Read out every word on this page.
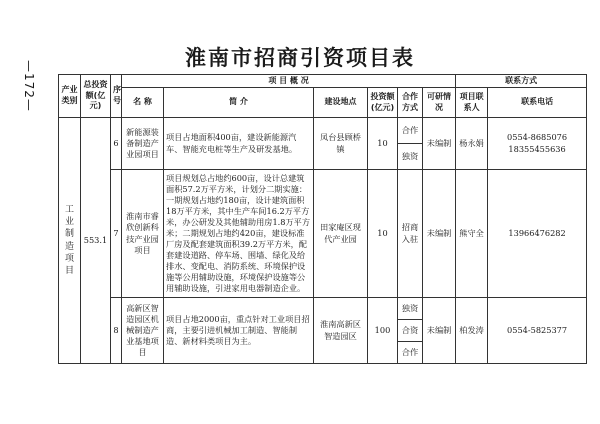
—172—
淮南市招商引资项目表
产业类别	总投资额(亿元)	序号	项 目 概 况						联系方式	
			名 称	简 介	建设地点	投资额(亿元)	合作方式	可研情况	项目联系人	联系电话
工业制造项目	553.1	6	新能源装备制造产业园项目	项目占地面积400亩，建设新能源汽车、智能充电桩等生产及研发基地。	凤台县顾桥镇	10	合作	未编制	杨永娟	0554-8685076 18355455636
							独资			
		7	淮南市睿欣创新科技产业园项目	项目规划总占地约600亩，设计总建筑面积57.2万平方米，计划分二期实施：一期规划占地约180亩，设计建筑面积18万平方米，其中生产车间16.2万平方米，办公研发及其他辅助用房1.8万平方米；二期规划占地约420亩，建设标准厂房及配套建筑面积39.2万平方米，配套建设道路、停车场、围墙、绿化及给排水、变配电、消防系统、环境保护设施等公用辅助设施，环境保护设施等公用辅助设施，引进家用电器制造企业。	田家庵区现代产业园	10	招商入驻	未编制	熊守全	13966476282
		8	高新区智造园区机械制造产业基地项目	项目占地2000亩，重点针对工业项目招商，主要引进机械加工制造、智能制造、新材料类项目为主。	淮南高新区智造园区	100	独资	未编制	柏发涛	0554-5825377
							合资			
							合作			
